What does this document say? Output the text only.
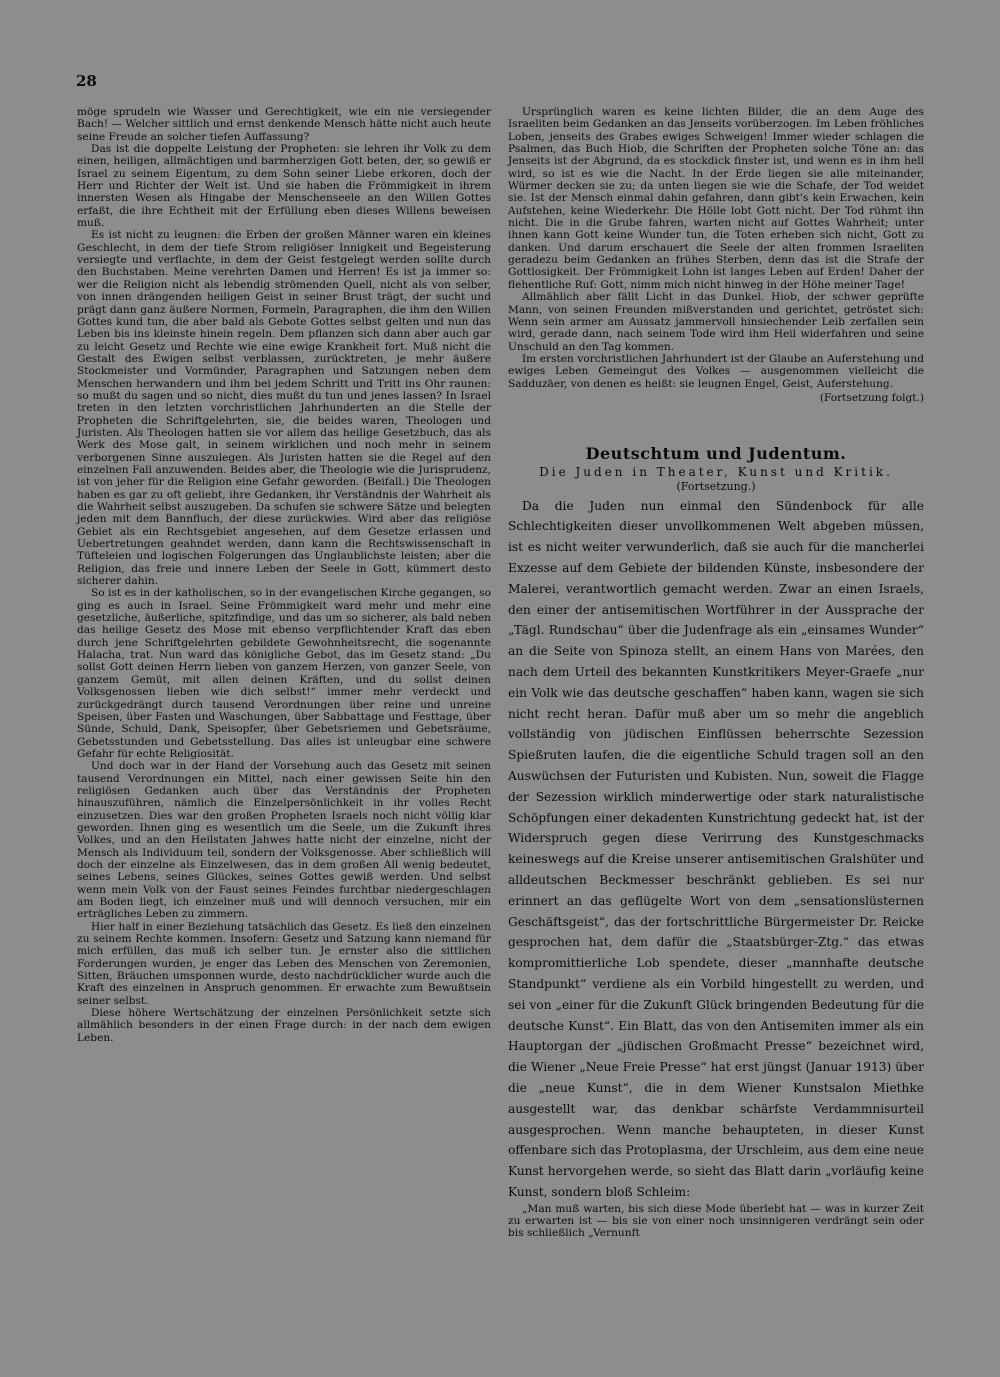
28

möge sprudeln wie Wasser und Gerechtigkeit, wie ein nie versiegender Bach! — Welcher sittlich und ernst denkende Mensch hätte nicht auch heute seine Freude an solcher tiefen Auffassung?

Das ist die doppelte Leistung der Propheten: sie lehren ihr Volk zu dem einen, heiligen, allmächtigen und barmherzigen Gott beten, der, so gewiß er Israel zu seinem Eigentum, zu dem Sohn seiner Liebe erkoren, doch der Herr und Richter der Welt ist. Und sie haben die Frömmigkeit in ihrem innersten Wesen als Hingabe der Menschenseele an den Willen Gottes erfaßt, die ihre Echtheit mit der Erfüllung eben dieses Willens beweisen muß.

Es ist nicht zu leugnen: die Erben der großen Männer waren ein kleines Geschlecht, in dem der tiefe Strom religiöser Innigkeit und Begeisterung versiegte und verflachte, in dem der Geist festgelegt werden sollte durch den Buchstaben. Meine verehrten Damen und Herren! Es ist ja immer so: wer die Religion nicht als lebendig strömenden Quell, nicht als von selber, von innen drängenden heiligen Geist in seiner Brust trägt, der sucht und prägt dann ganz äußere Normen, Formeln, Paragraphen, die ihm den Willen Gottes kund tun, die aber bald als Gebote Gottes selbst gelten und nun das Leben bis ins kleinste hinein regeln. Dem pflanzen sich dann aber auch gar zu leicht Gesetz und Rechte wie eine ewige Krankheit fort. Muß nicht die Gestalt des Ewigen selbst verblassen, zurücktreten, je mehr äußere Stockmeister und Vormünder, Paragraphen und Satzungen neben dem Menschen herwandern und ihm bei jedem Schritt und Tritt ins Ohr raunen: so mußt du sagen und so nicht, dies mußt du tun und jenes lassen? In Israel treten in den letzten vorchristlichen Jahrhunderten an die Stelle der Propheten die Schriftgelehrten, sie, die beides waren, Theologen und Juristen. Als Theologen hatten sie vor allem das heilige Gesetzbuch, das als Werk des Mose galt, in seinem wirklichen und noch mehr in seinem verborgenen Sinne auszulegen. Als Juristen hatten sie die Regel auf den einzelnen Fall anzuwenden. Beides aber, die Theologie wie die Jurisprudenz, ist von jeher für die Religion eine Gefahr geworden. (Beifall.) Die Theologen haben es gar zu oft geliebt, ihre Gedanken, ihr Verständnis der Wahrheit als die Wahrheit selbst auszugeben. Da schufen sie schwere Sätze und belegten jeden mit dem Bannfluch, der diese zurückwies. Wird aber das religiöse Gebiet als ein Rechtsgebiet angesehen, auf dem Gesetze erlassen und Uebertretungen geahndet werden, dann kann die Rechtswissenschaft in Tüfteleien und logischen Folgerungen das Unglaublichste leisten; aber die Religion, das freie und innere Leben der Seele in Gott, kümmert desto sicherer dahin.

So ist es in der katholischen, so in der evangelischen Kirche gegangen, so ging es auch in Israel. Seine Frömmigkeit ward mehr und mehr eine gesetzliche, äußerliche, spitzfindige, und das um so sicherer, als bald neben das heilige Gesetz des Mose mit ebenso verpflichtender Kraft das eben durch jene Schriftgelehrten gebildete Gewohnheitsrecht, die sogenannte Halacha, trat. Nun ward das königliche Gebot, das im Gesetz stand: „Du sollst Gott deinen Herrn lieben von ganzem Herzen, von ganzer Seele, von ganzem Gemüt, mit allen deinen Kräften, und du sollst deinen Volksgenossen lieben wie dich selbst!“ immer mehr verdeckt und zurückgedrängt durch tausend Verordnungen über reine und unreine Speisen, über Fasten und Waschungen, über Sabbattage und Festtage, über Sünde, Schuld, Dank, Speisopfer, über Gebetsriemen und Gebetsräume, Gebetsstunden und Gebetsstellung. Das alles ist unleugbar eine schwere Gefahr für echte Religiosität.

Und doch war in der Hand der Vorsehung auch das Gesetz mit seinen tausend Verordnungen ein Mittel, nach einer gewissen Seite hin den religiösen Gedanken auch über das Verständnis der Propheten hinauszuführen, nämlich die Einzelpersönlichkeit in ihr volles Recht einzusetzen. Dies war den großen Propheten Israels noch nicht völlig klar geworden. Ihnen ging es wesentlich um die Seele, um die Zukunft ihres Volkes, und an den Heilstaten Jahwes hatte nicht der einzelne, nicht der Mensch als Individuum teil, sondern der Volksgenosse. Aber schließlich will doch der einzelne als Einzelwesen, das in dem großen All wenig bedeutet, seines Lebens, seines Glückes, seines Gottes gewiß werden. Und selbst wenn mein Volk von der Faust seines Feindes furchtbar niedergeschlagen am Boden liegt, ich einzelner muß und will dennoch versuchen, mir ein erträgliches Leben zu zimmern.

Hier half in einer Beziehung tatsächlich das Gesetz. Es ließ den einzelnen zu seinem Rechte kommen. Insofern: Gesetz und Satzung kann niemand für mich erfüllen, das muß ich selber tun. Je ernster also die sittlichen Forderungen wurden, je enger das Leben des Menschen von Zeremonien, Sitten, Bräuchen umsponnen wurde, desto nachdrücklicher wurde auch die Kraft des einzelnen in Anspruch genommen. Er erwachte zum Bewußtsein seiner selbst.

Diese höhere Wertschätzung der einzelnen Persönlichkeit setzte sich allmählich besonders in der einen Frage durch: in der nach dem ewigen Leben.

Ursprünglich waren es keine lichten Bilder, die an dem Auge des Israeliten beim Gedanken an das Jenseits vorüberzogen. Im Leben fröhliches Loben, jenseits des Grabes ewiges Schweigen! Immer wieder schlagen die Psalmen, das Buch Hiob, die Schriften der Propheten solche Töne an: das Jenseits ist der Abgrund, da es stockdick finster ist, und wenn es in ihm hell wird, so ist es wie die Nacht. In der Erde liegen sie alle miteinander, Würmer decken sie zu; da unten liegen sie wie die Schafe, der Tod weidet sie. Ist der Mensch einmal dahin gefahren, dann gibt's kein Erwachen, kein Aufstehen, keine Wiederkehr. Die Hölle lobt Gott nicht. Der Tod rühmt ihn nicht. Die in die Grube fahren, warten nicht auf Gottes Wahrheit; unter ihnen kann Gott keine Wunder tun, die Toten erheben sich nicht, Gott zu danken. Und darum erschauert die Seele der alten frommen Israeliten geradezu beim Gedanken an frühes Sterben, denn das ist die Strafe der Gottlosigkeit. Der Frömmigkeit Lohn ist langes Leben auf Erden! Daher der flehentliche Ruf: Gott, nimm mich nicht hinweg in der Höhe meiner Tage!

Allmählich aber fällt Licht in das Dunkel. Hiob, der schwer geprüfte Mann, von seinen Freunden mißverstanden und gerichtet, getröstet sich: Wenn sein armer am Aussatz jammervoll hinsiechender Leib zerfallen sein wird, gerade dann, nach seinem Tode wird ihm Heil widerfahren und seine Unschuld an den Tag kommen.

Im ersten vorchristlichen Jahrhundert ist der Glaube an Auferstehung und ewiges Leben Gemeingut des Volkes — ausgenommen vielleicht die Sadduzäer, von denen es heißt: sie leugnen Engel, Geist, Auferstehung.

(Fortsetzung folgt.)
Deutschtum und Judentum.
Die Juden in Theater, Kunst und Kritik.
(Fortsetzung.)

Da die Juden nun einmal den Sündenbock für alle Schlechtigkeiten dieser unvollkommenen Welt abgeben müssen, ist es nicht weiter verwunderlich, daß sie auch für die mancherlei Exzesse auf dem Gebiete der bildenden Künste, insbesondere der Malerei, verantwortlich gemacht werden. Zwar an einen Israels, den einer der antisemitischen Wortführer in der Aussprache der „Tägl. Rundschau“ über die Judenfrage als ein „einsames Wunder“ an die Seite von Spinoza stellt, an einem Hans von Marées, den nach dem Urteil des bekannten Kunstkritikers Meyer-Graefe „nur ein Volk wie das deutsche geschaffen“ haben kann, wagen sie sich nicht recht heran. Dafür muß aber um so mehr die angeblich vollständig von jüdischen Einflüssen beherrschte Sezession Spießruten laufen, die die eigentliche Schuld tragen soll an den Auswüchsen der Futuristen und Kubisten. Nun, soweit die Flagge der Sezession wirklich minderwertige oder stark naturalistische Schöpfungen einer dekadenten Kunstrichtung gedeckt hat, ist der Widerspruch gegen diese Verirrung des Kunstgeschmacks keineswegs auf die Kreise unserer antisemitischen Gralshüter und alldeutschen Beckmesser beschränkt geblieben. Es sei nur erinnert an das geflügelte Wort von dem „sensationslüsternen Geschäftsgeist“, das der fortschrittliche Bürgermeister Dr. Reicke gesprochen hat, dem dafür die „Staatsbürger-Ztg.“ das etwas kompromittierliche Lob spendete, dieser „mannhafte deutsche Standpunkt“ verdiene als ein Vorbild hingestellt zu werden, und sei von „einer für die Zukunft Glück bringenden Bedeutung für die deutsche Kunst“. Ein Blatt, das von den Antisemiten immer als ein Hauptorgan der „jüdischen Großmacht Presse“ bezeichnet wird, die Wiener „Neue Freie Presse“ hat erst jüngst (Januar 1913) über die „neue Kunst“, die in dem Wiener Kunstsalon Miethke ausgestellt war, das denkbar schärfste Verdammnisurteil ausgesprochen. Wenn manche behaupteten, in dieser Kunst offenbare sich das Protoplasma, der Urschleim, aus dem eine neue Kunst hervorgehen werde, so sieht das Blatt darin „vorläufig keine Kunst, sondern bloß Schleim:

„Man muß warten, bis sich diese Mode überlebt hat — was in kurzer Zeit zu erwarten ist — bis sie von einer noch unsinnigeren verdrängt sein oder bis schließlich „Vernunft
